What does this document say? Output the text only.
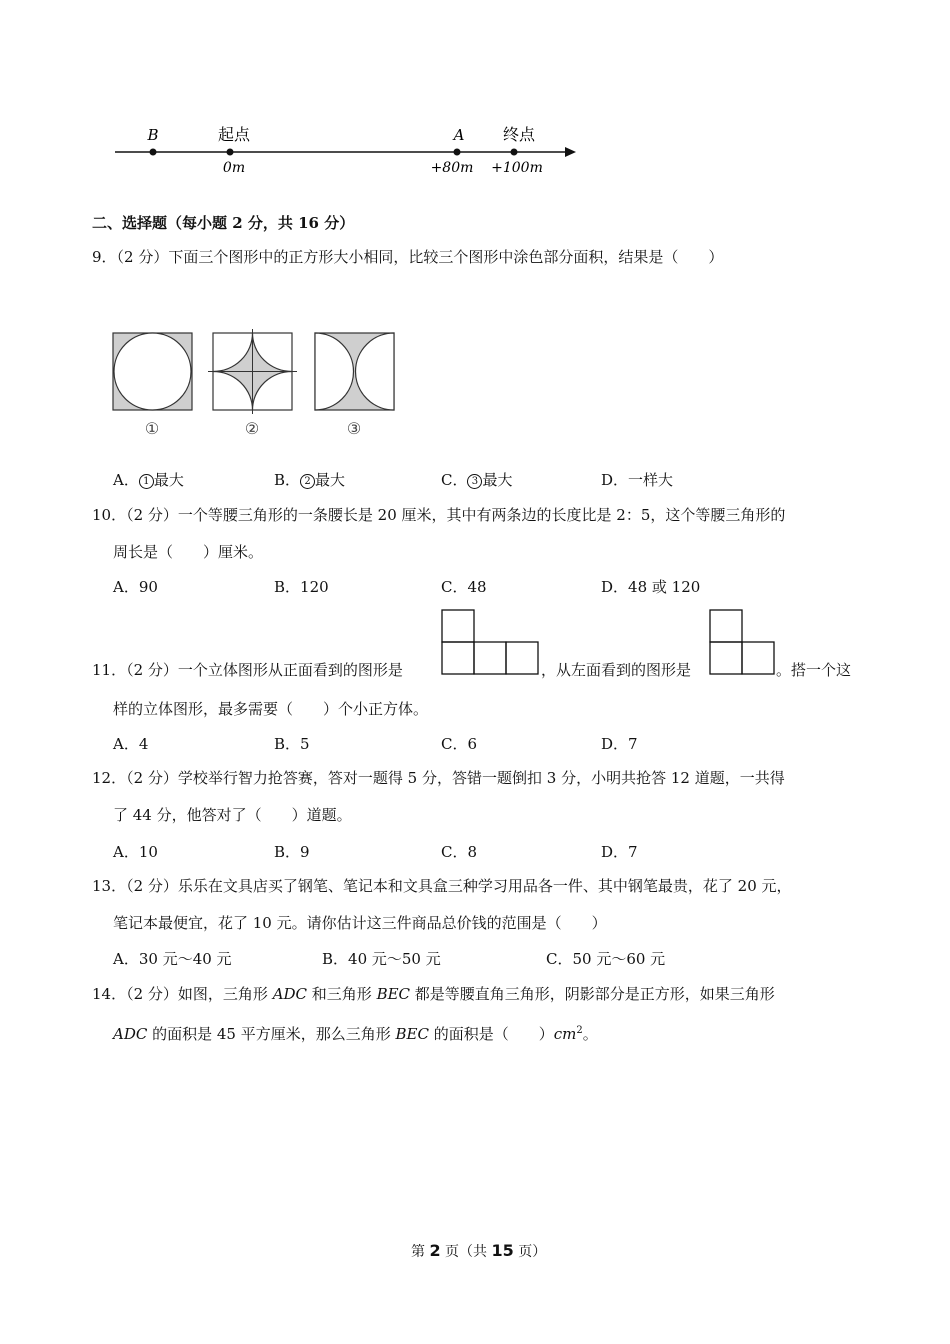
B	起点
0m
A
+80m
终点
+100m
二、选择题（每小题 2 分，共 16 分）
9．（2 分）下面三个图形中的正方形大小相同，比较三个图形中涂色部分面积，结果是（　　）
①	②	③
A． 1 最大	B． 2 最大	C． 3 最大	D．一样大
10．（2 分）一个等腰三角形的一条腰长是 20 厘米，其中有两条边的长度比是 2：5，这个等腰三角形的
周长是（　　）厘米。
A．90	B．120	C．48	D．48 或 120
11．（2 分）一个立体图形从正面看到的图形是	，从左面看到的图形是	。搭一个这
样的立体图形，最多需要（　　）个小正方体。
A．4	B．5	C．6	D．7
12．（2 分）学校举行智力抢答赛，答对一题得 5 分，答错一题倒扣 3 分，小明共抢答 12 道题，一共得
了 44 分，他答对了（　　）道题。
A．10	B．9	C．8	D．7
13．（2 分）乐乐在文具店买了钢笔、笔记本和文具盒三种学习用品各一件、其中钢笔最贵，花了 20 元，
笔记本最便宜，花了 10 元。请你估计这三件商品总价钱的范围是（　　）
A．30 元～40 元	B．40 元～50 元	C．50 元～60 元
14．（2 分）如图，三角形 ADC 和三角形 BEC 都是等腰直角三角形，阴影部分是正方形，如果三角形
ADC 的面积是 45 平方厘米，那么三角形 BEC 的面积是（　　）$cm^2$。
第 2 页（共 15 页）
